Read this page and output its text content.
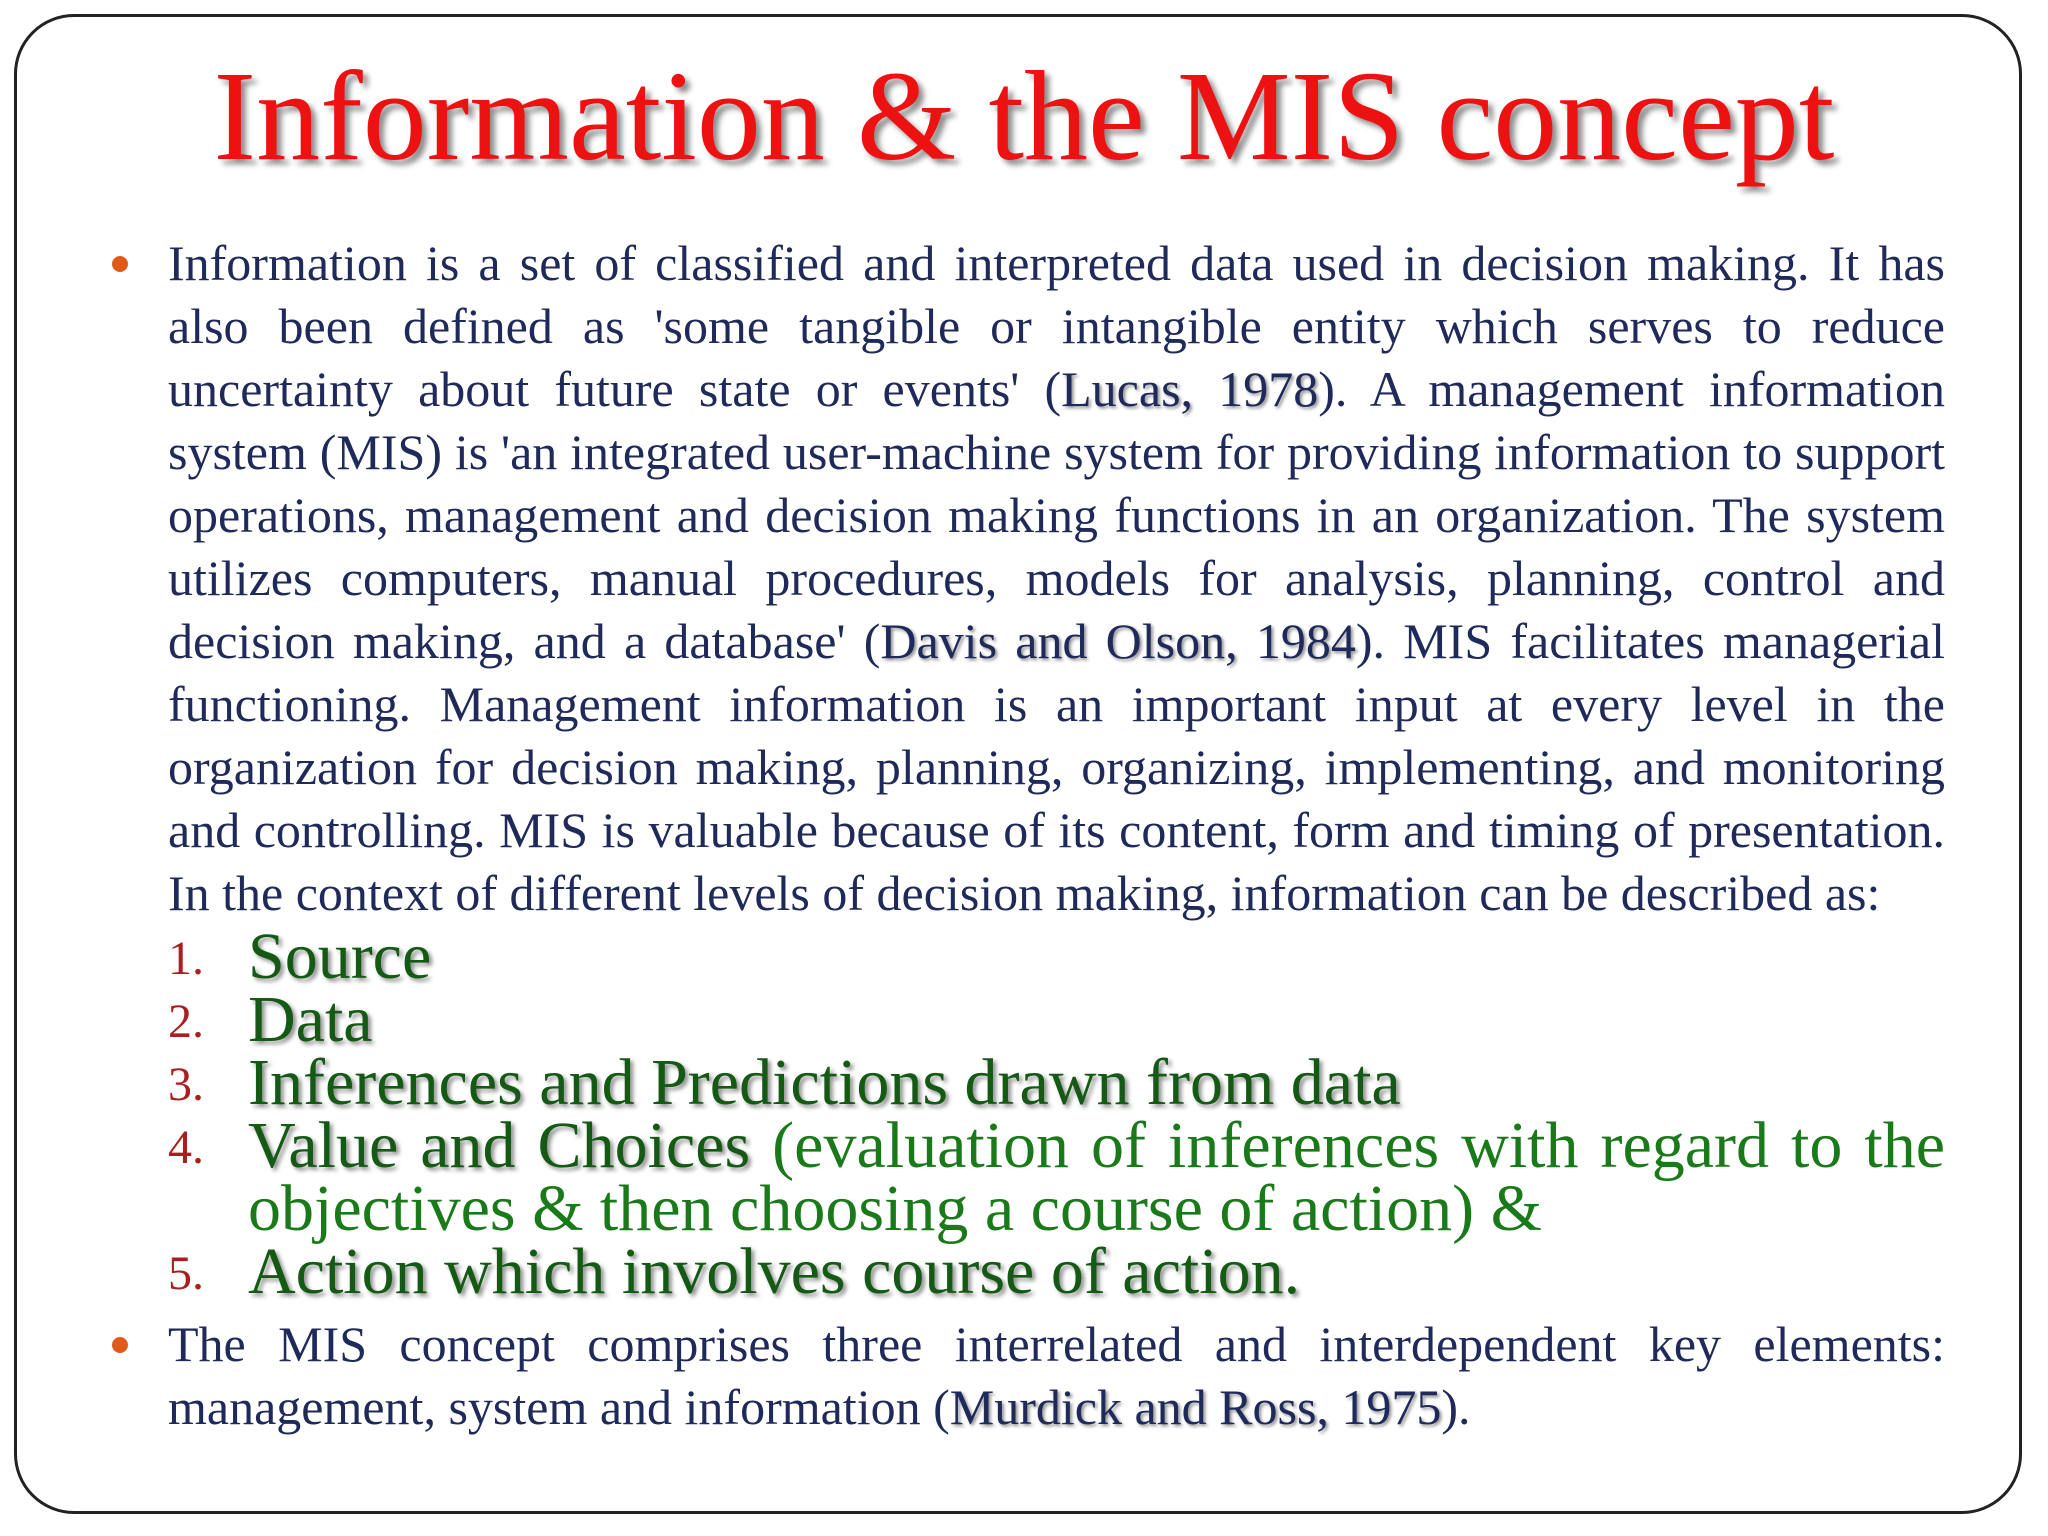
Information & the MIS concept
Information is a set of classified and interpreted data used in decision making. It has also been defined as 'some tangible or intangible entity which serves to reduce uncertainty about future state or events' (Lucas, 1978). A management information system (MIS) is 'an integrated user-machine system for providing information to support operations, management and decision making functions in an organization. The system utilizes computers, manual procedures, models for analysis, planning, control and decision making, and a database' (Davis and Olson, 1984). MIS facilitates managerial functioning. Management information is an important input at every level in the organization for decision making, planning, organizing, implementing, and monitoring and controlling. MIS is valuable because of its content, form and timing of presentation. In the context of different levels of decision making, information can be described as:
1. Source
2. Data
3. Inferences and Predictions drawn from data
4. Value and Choices (evaluation of inferences with regard to the objectives & then choosing a course of action) &
5. Action which involves course of action.
The MIS concept comprises three interrelated and interdependent key elements: management, system and information (Murdick and Ross, 1975).
